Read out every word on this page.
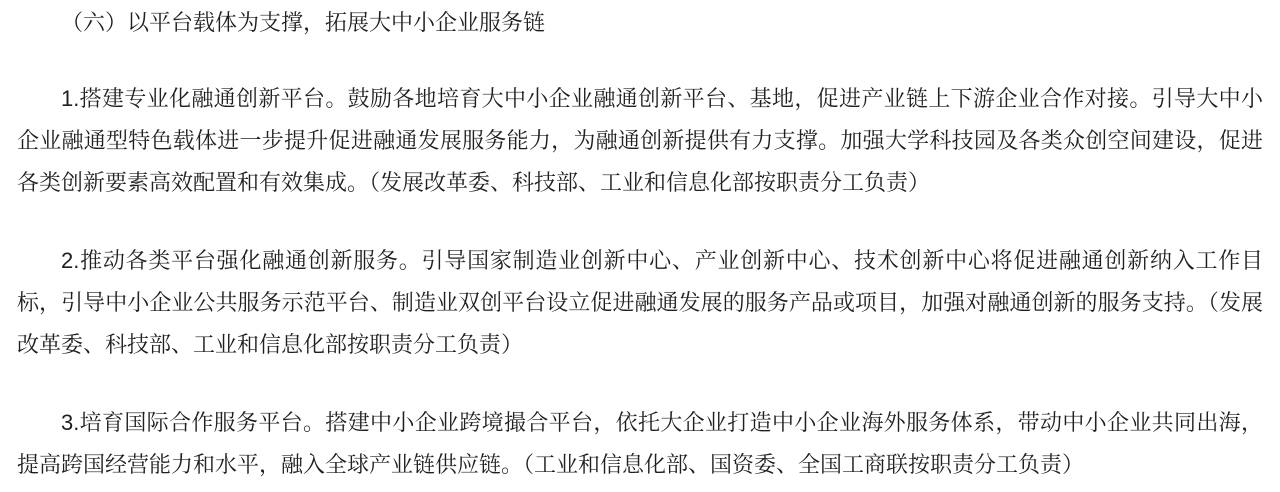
（六）以平台载体为支撑，拓展大中小企业服务链

1.搭建专业化融通创新平台。鼓励各地培育大中小企业融通创新平台、基地，促进产业链上下游企业合作对接。引导大中小企业融通型特色载体进一步提升促进融通发展服务能力，为融通创新提供有力支撑。加强大学科技园及各类众创空间建设，促进各类创新要素高效配置和有效集成。（发展改革委、科技部、工业和信息化部按职责分工负责）

2.推动各类平台强化融通创新服务。引导国家制造业创新中心、产业创新中心、技术创新中心将促进融通创新纳入工作目标，引导中小企业公共服务示范平台、制造业双创平台设立促进融通发展的服务产品或项目，加强对融通创新的服务支持。（发展改革委、科技部、工业和信息化部按职责分工负责）

3.培育国际合作服务平台。搭建中小企业跨境撮合平台，依托大企业打造中小企业海外服务体系，带动中小企业共同出海，提高跨国经营能力和水平，融入全球产业链供应链。（工业和信息化部、国资委、全国工商联按职责分工负责）
